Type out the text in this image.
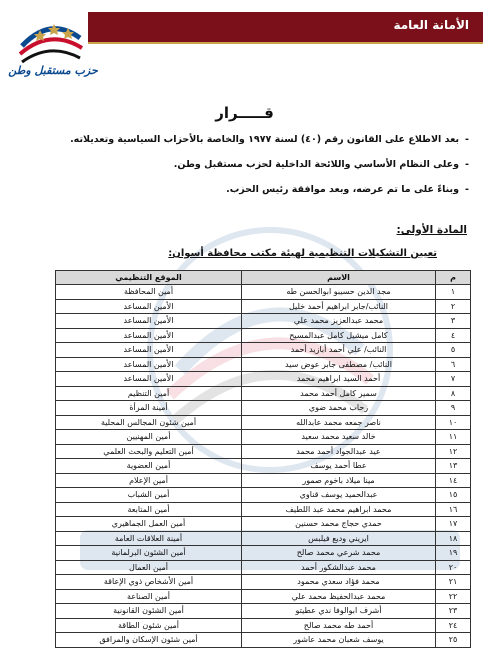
الأمانة العامة
حزب مستقبل وطن
قـــــرار

-بعد الاطلاع على القانون رقم (٤٠) لسنة ١٩٧٧ والخاصة بالأحزاب السياسية وتعديلاته.

-وعلى النظام الأساسي واللائحة الداخلية لحزب مستقبل وطن.

-وبناءً على ما تم عرضه، وبعد موافقة رئيس الحزب.

المادة الأولى:
تعيين التشكيلات التنظيمية لهيئة مكتب محافظة أسوان:
م	الاسم	الموقع التنظيمي
١	مجد الدين حسيبو ابوالحسن طه	أمين المحافظة
٢	النائب/جابر ابراهيم أحمد خليل	الأمين المساعد
٣	محمد عبدالعزيز محمد علي	الأمين المساعد
٤	كامل ميشيل كامل عبدالمسيح	الأمين المساعد
٥	النائب/ علي أحمد أبازيد أحمد	الأمين المساعد
٦	النائب/ مصطفى جابر عوض سيد	الأمين المساعد
٧	أحمد السيد ابراهيم محمد	الأمين المساعد
٨	سمير كامل أحمد محمد	أمين التنظيم
٩	رحاب محمد ضوي	أمينة المرأة
١٠	ناصر جمعه محمد عابدالله	أمين شئون المجالس المحلية
١١	خالد سعيد محمد سعيد	أمين المهنيين
١٢	عيد عبدالجواد أحمد محمد	أمين التعليم والبحث العلمي
١٣	عطا أحمد يوسف	أمين العضوية
١٤	مينا ميلاد باخوم صمور	أمين الإعلام
١٥	عبدالحميد يوسف قناوي	أمين الشباب
١٦	محمد ابراهيم محمد عبد اللطيف	أمين المتابعة
١٧	حمدي حجاج محمد حسنين	أمين العمل الجماهيري
١٨	ايريني وديع فيلبس	أمينة العلاقات العامة
١٩	محمد شرعي محمد صالح	أمين الشئون البرلمانية
٢٠	محمد عبدالشكور أحمد	أمين العمال
٢١	محمد فؤاد سعدي محمود	أمين الأشخاص ذوي الإعاقة
٢٢	محمد عبدالحفيظ محمد علي	أمين الصناعة
٢٣	أشرف ابوالوفا ندي عطيتو	أمين الشئون القانونية
٢٤	أحمد طه محمد صالح	أمين شئون الطاقة
٢٥	يوسف شعبان محمد عاشور	أمين شئون الإسكان والمرافق
